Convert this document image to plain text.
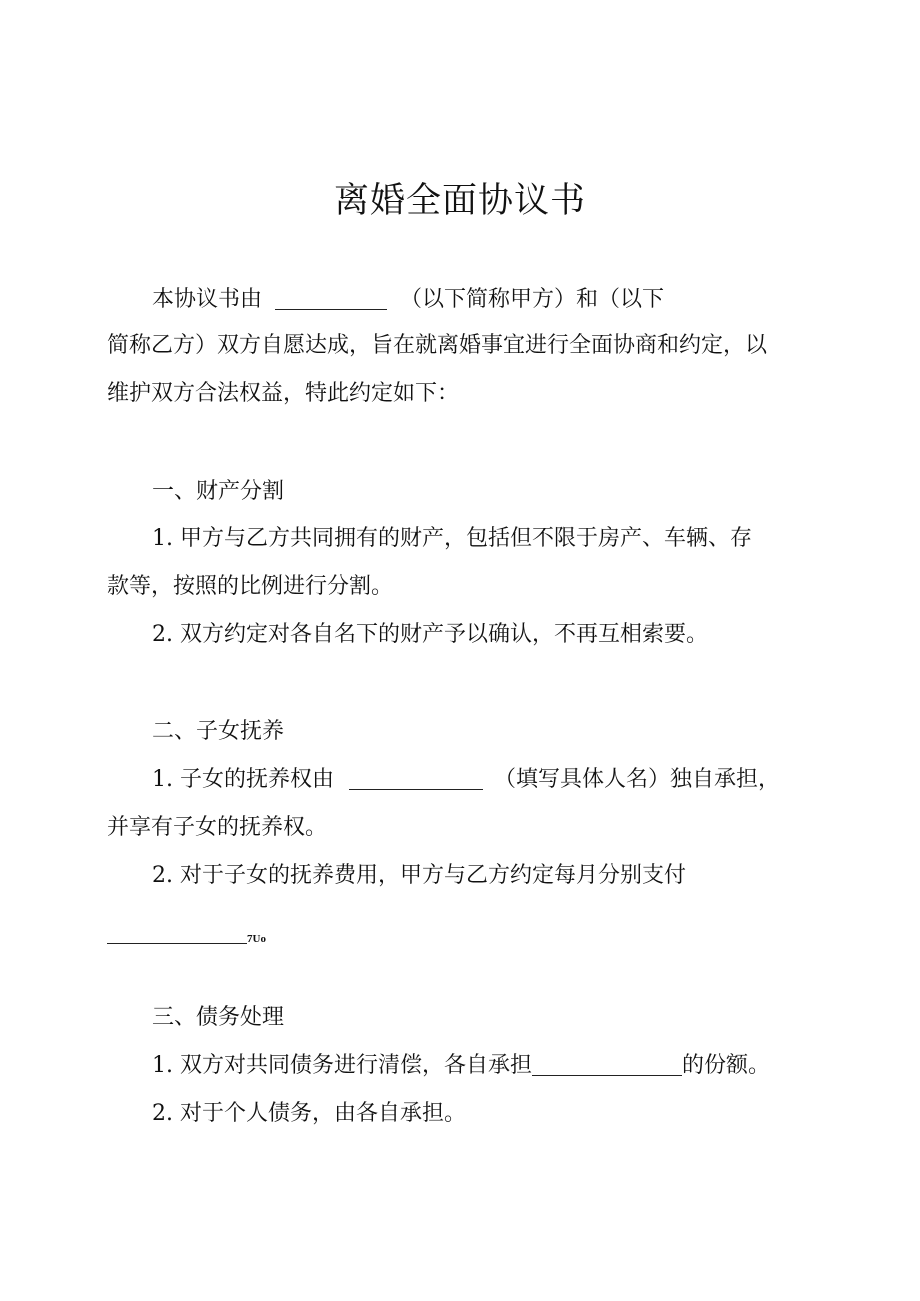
离婚全面协议书
本协议书由	（以下简称甲方）和（以下
简称乙方）双方自愿达成，旨在就离婚事宜进行全面协商和约定，以
维护双方合法权益，特此约定如下：
一、财产分割
1. 甲方与乙方共同拥有的财产，包括但不限于房产、车辆、存
款等，按照的比例进行分割。
2. 双方约定对各自名下的财产予以确认，不再互相索要。
二、子女抚养
1. 子女的抚养权由	（填写具体人名）独自承担，
并享有子女的抚养权。
2. 对于子女的抚养费用，甲方与乙方约定每月分别支付
7Uo
三、债务处理
1. 双方对共同债务进行清偿，各自承担	的份额。
2. 对于个人债务，由各自承担。
